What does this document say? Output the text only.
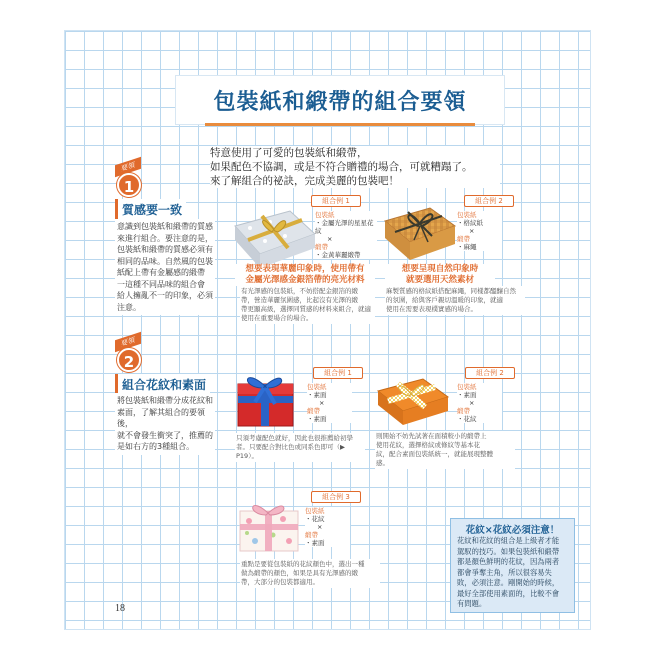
包裝紙和緞帶的組合要領
特意使用了可愛的包裝紙和緞帶，
如果配色不協調，或是不符合贈禮的場合，可就糟蹋了。
來了解組合的祕訣，完成美麗的包裝吧！
要領
1
質感要一致
意識到包裝紙和緞帶的質感
來進行組合。要注意的是，
包裝紙和緞帶的質感必須有
相同的品味。自然風的包裝
紙配上帶有金屬感的緞帶
一這種不同品味的組合會
給人擁亂不一的印象，必須
注意。
組合例 1
包裝紙
・金屬光澤的星星花紋
×
緞帶
・金黃華麗緞帶
想要表現華麗印象時，使用帶有
金屬光澤感金銀箔帶的亮光材料
有光澤感的包裝紙，不妨搭配金銀箔的緞
帶，營造華麗氛圍感，比起沒有光澤的緞
帶更顯高級，選擇同質感的材料來組合，就適
使用在重要場合的場合。
組合例 2
包裝紙
・格紋紙
×
緞帶
・麻繩
想要呈現自然印象時
就要選用天然素材
麻製質感的格紋紙搭配麻繩，同樣都醞釀自然
的氛圍，給與客戶親切溫暖的印象，就適
使用在需要表現樸實感的場合。
要領
2
組合花紋和素面
將包裝紙和緞帶分成花紋和
素面，了解其組合的要領後，
就不會發生衝突了，推薦的
是如右方的3種組合。
組合例 1
包裝紙
・素面
×
緞帶
・素面
只須考慮配色就好，因此也很推薦給初學
者。只要配合對比色或同系色即可（▶
P19）。
組合例 2
包裝紙
・素面
×
緞帶
・花紋
則開始不妨先試著在面積較小的緞帶上
使用花紋，選擇格紋或條紋等基本花
紋，配合素面包裝紙統一，就能展現整體
感。
組合例 3
包裝紙
・花紋
×
緞帶
・素面
重點是要從包裝紙的花紋顏色中，選出一種
做為緞帶的顏色，如果是具有光澤感的緞
帶，大部分的包裝都適用。
花紋×花紋必須注意！
花紋和花紋的組合是上級者才能
駕馭的技巧。如果包裝紙和緞帶
都是顏色鮮明的花紋，因為兩者
都會爭奪主角，所以很容易失
敗，必須注意。剛開始的時候，
最好全部使用素面的，比較不會
有問題。
18
